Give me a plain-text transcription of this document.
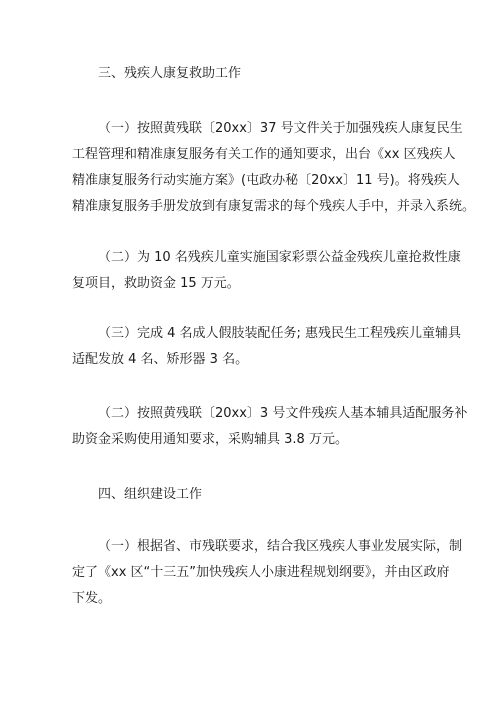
三、残疾人康复救助工作
（一）按照黄残联〔20xx〕37 号文件关于加强残疾人康复民生
工程管理和精准康复服务有关工作的通知要求，出台《xx 区残疾人
精准康复服务行动实施方案》(屯政办秘〔20xx〕11 号)。将残疾人
精准康复服务手册发放到有康复需求的每个残疾人手中，并录入系统。
（二）为 10 名残疾儿童实施国家彩票公益金残疾儿童抢救性康
复项目，救助资金 15 万元。
（三）完成 4 名成人假肢装配任务; 惠残民生工程残疾儿童辅具
适配发放 4 名、矫形器 3 名。
（二）按照黄残联〔20xx〕3 号文件残疾人基本辅具适配服务补
助资金采购使用通知要求，采购辅具 3.8 万元。
四、组织建设工作
（一）根据省、市残联要求，结合我区残疾人事业发展实际，制
定了《xx 区“十三五”加快残疾人小康进程规划纲要》，并由区政府
下发。
